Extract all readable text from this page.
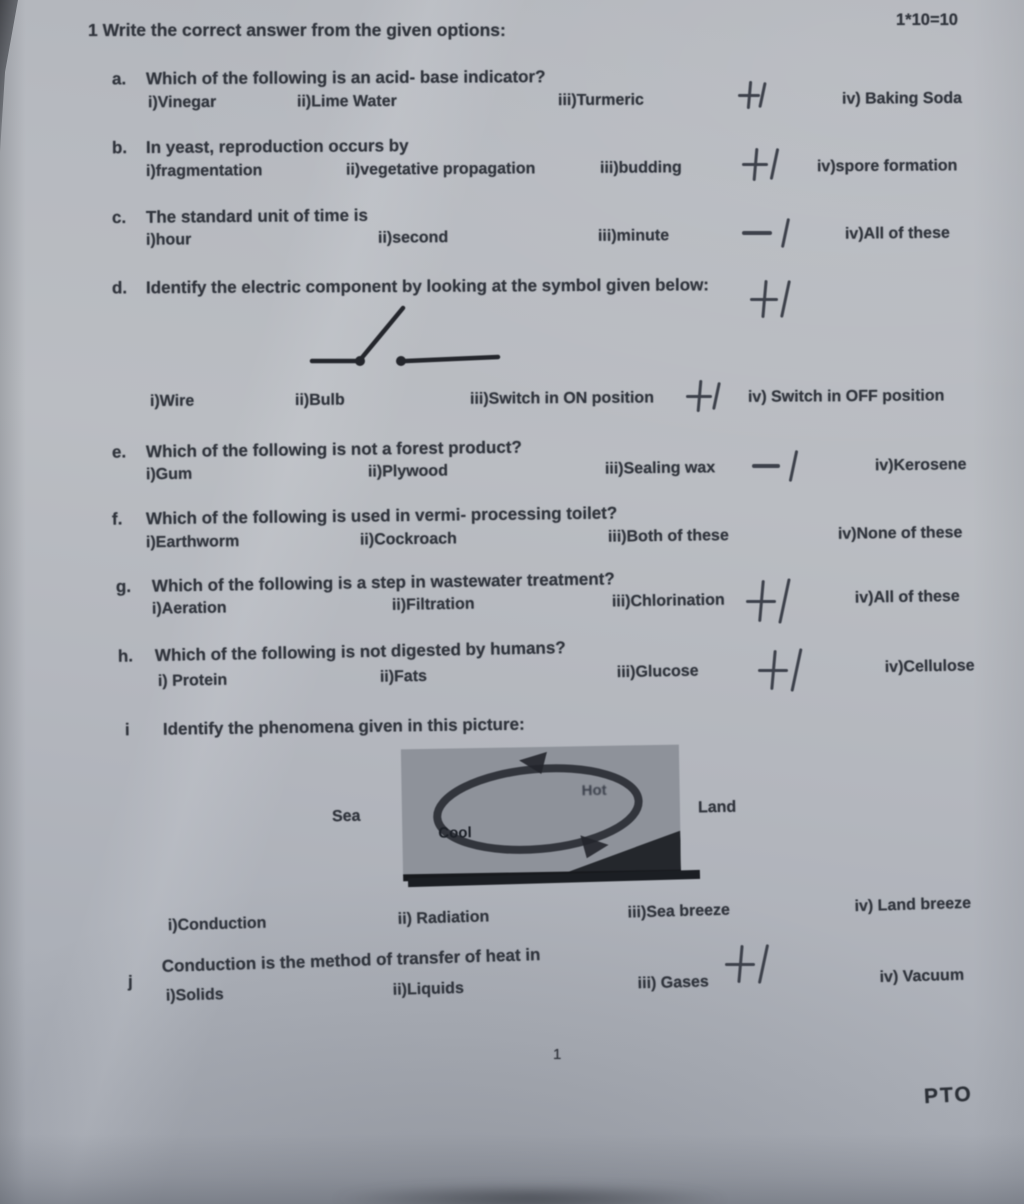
1 Write the correct answer from the given options:	1*10=10
a. Which of the following is an acid- base indicator?
i)Vinegar	ii)Lime Water	iii)Turmeric	iv) Baking Soda
b. In yeast, reproduction occurs by
i)fragmentation	ii)vegetative propagation	iii)budding	iv)spore formation
c. The standard unit of time is
i)hour	ii)second	iii)minute	iv)All of these
d. Identify the electric component by looking at the symbol given below:
i)Wire	ii)Bulb	iii)Switch in ON position	iv) Switch in OFF position
e. Which of the following is not a forest product?
i)Gum	ii)Plywood	iii)Sealing wax	iv)Kerosene
f. Which of the following is used in vermi- processing toilet?
i)Earthworm	ii)Cockroach	iii)Both of these	iv)None of these
g. Which of the following is a step in wastewater treatment?
i)Aeration	ii)Filtration	iii)Chlorination	iv)All of these
h. Which of the following is not digested by humans?
i) Protein	ii)Fats	iii)Glucose	iv)Cellulose
i Identify the phenomena given in this picture:
Sea
Land
Cool
Hot
i)Conduction	ii) Radiation	iii)Sea breeze	iv) Land breeze
j
Conduction is the method of transfer of heat in
i)Solids	ii)Liquids	iii) Gases	iv) Vacuum
1
PTO
